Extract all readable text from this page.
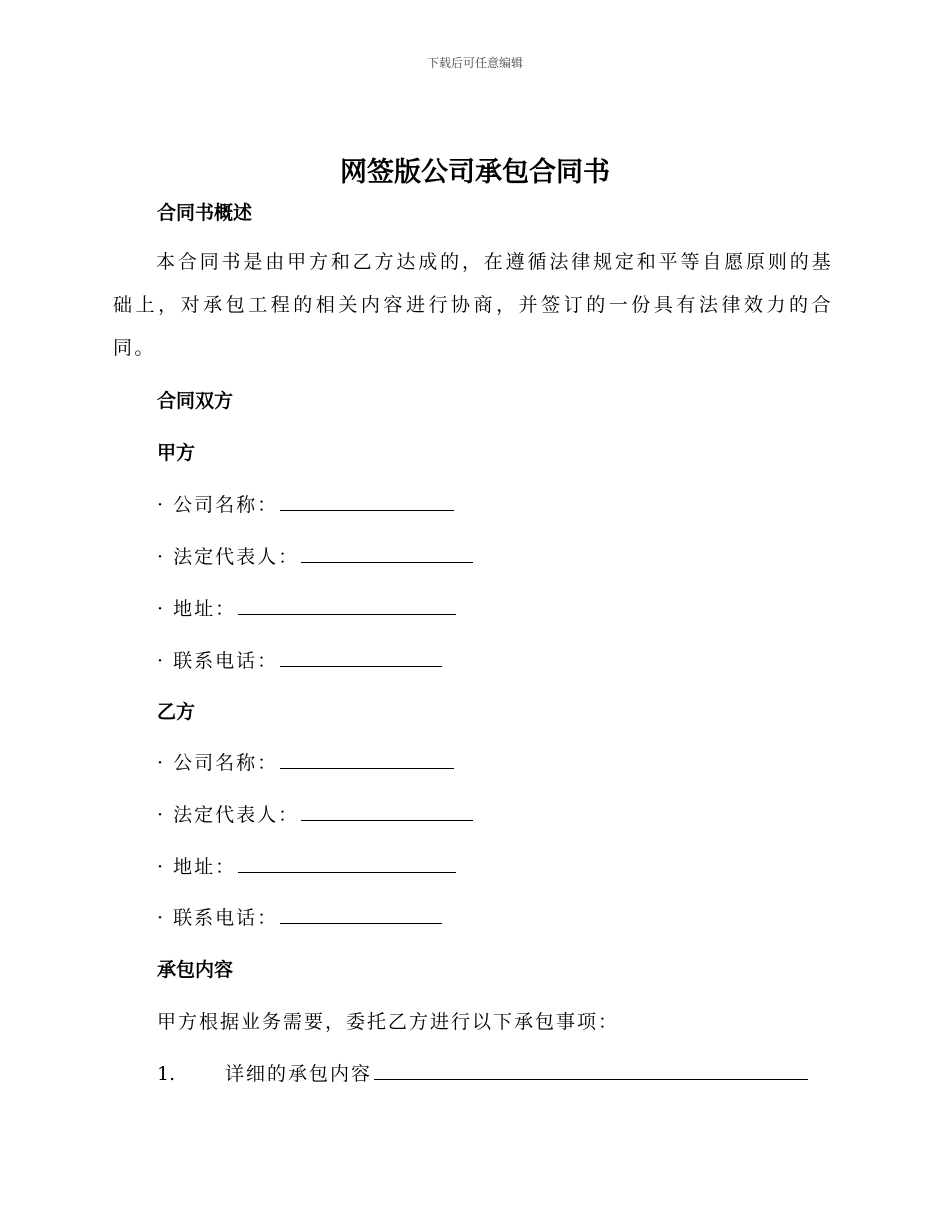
下载后可任意编辑
网签版公司承包合同书
合同书概述
本合同书是由甲方和乙方达成的，在遵循法律规定和平等自愿原则的基础上，对承包工程的相关内容进行协商，并签订的一份具有法律效力的合同。
合同双方
甲方
· 公司名称：
· 法定代表人：
· 地址：
· 联系电话：
乙方
· 公司名称：
· 法定代表人：
· 地址：
· 联系电话：
承包内容
甲方根据业务需要，委托乙方进行以下承包事项：
1.	详细的承包内容
